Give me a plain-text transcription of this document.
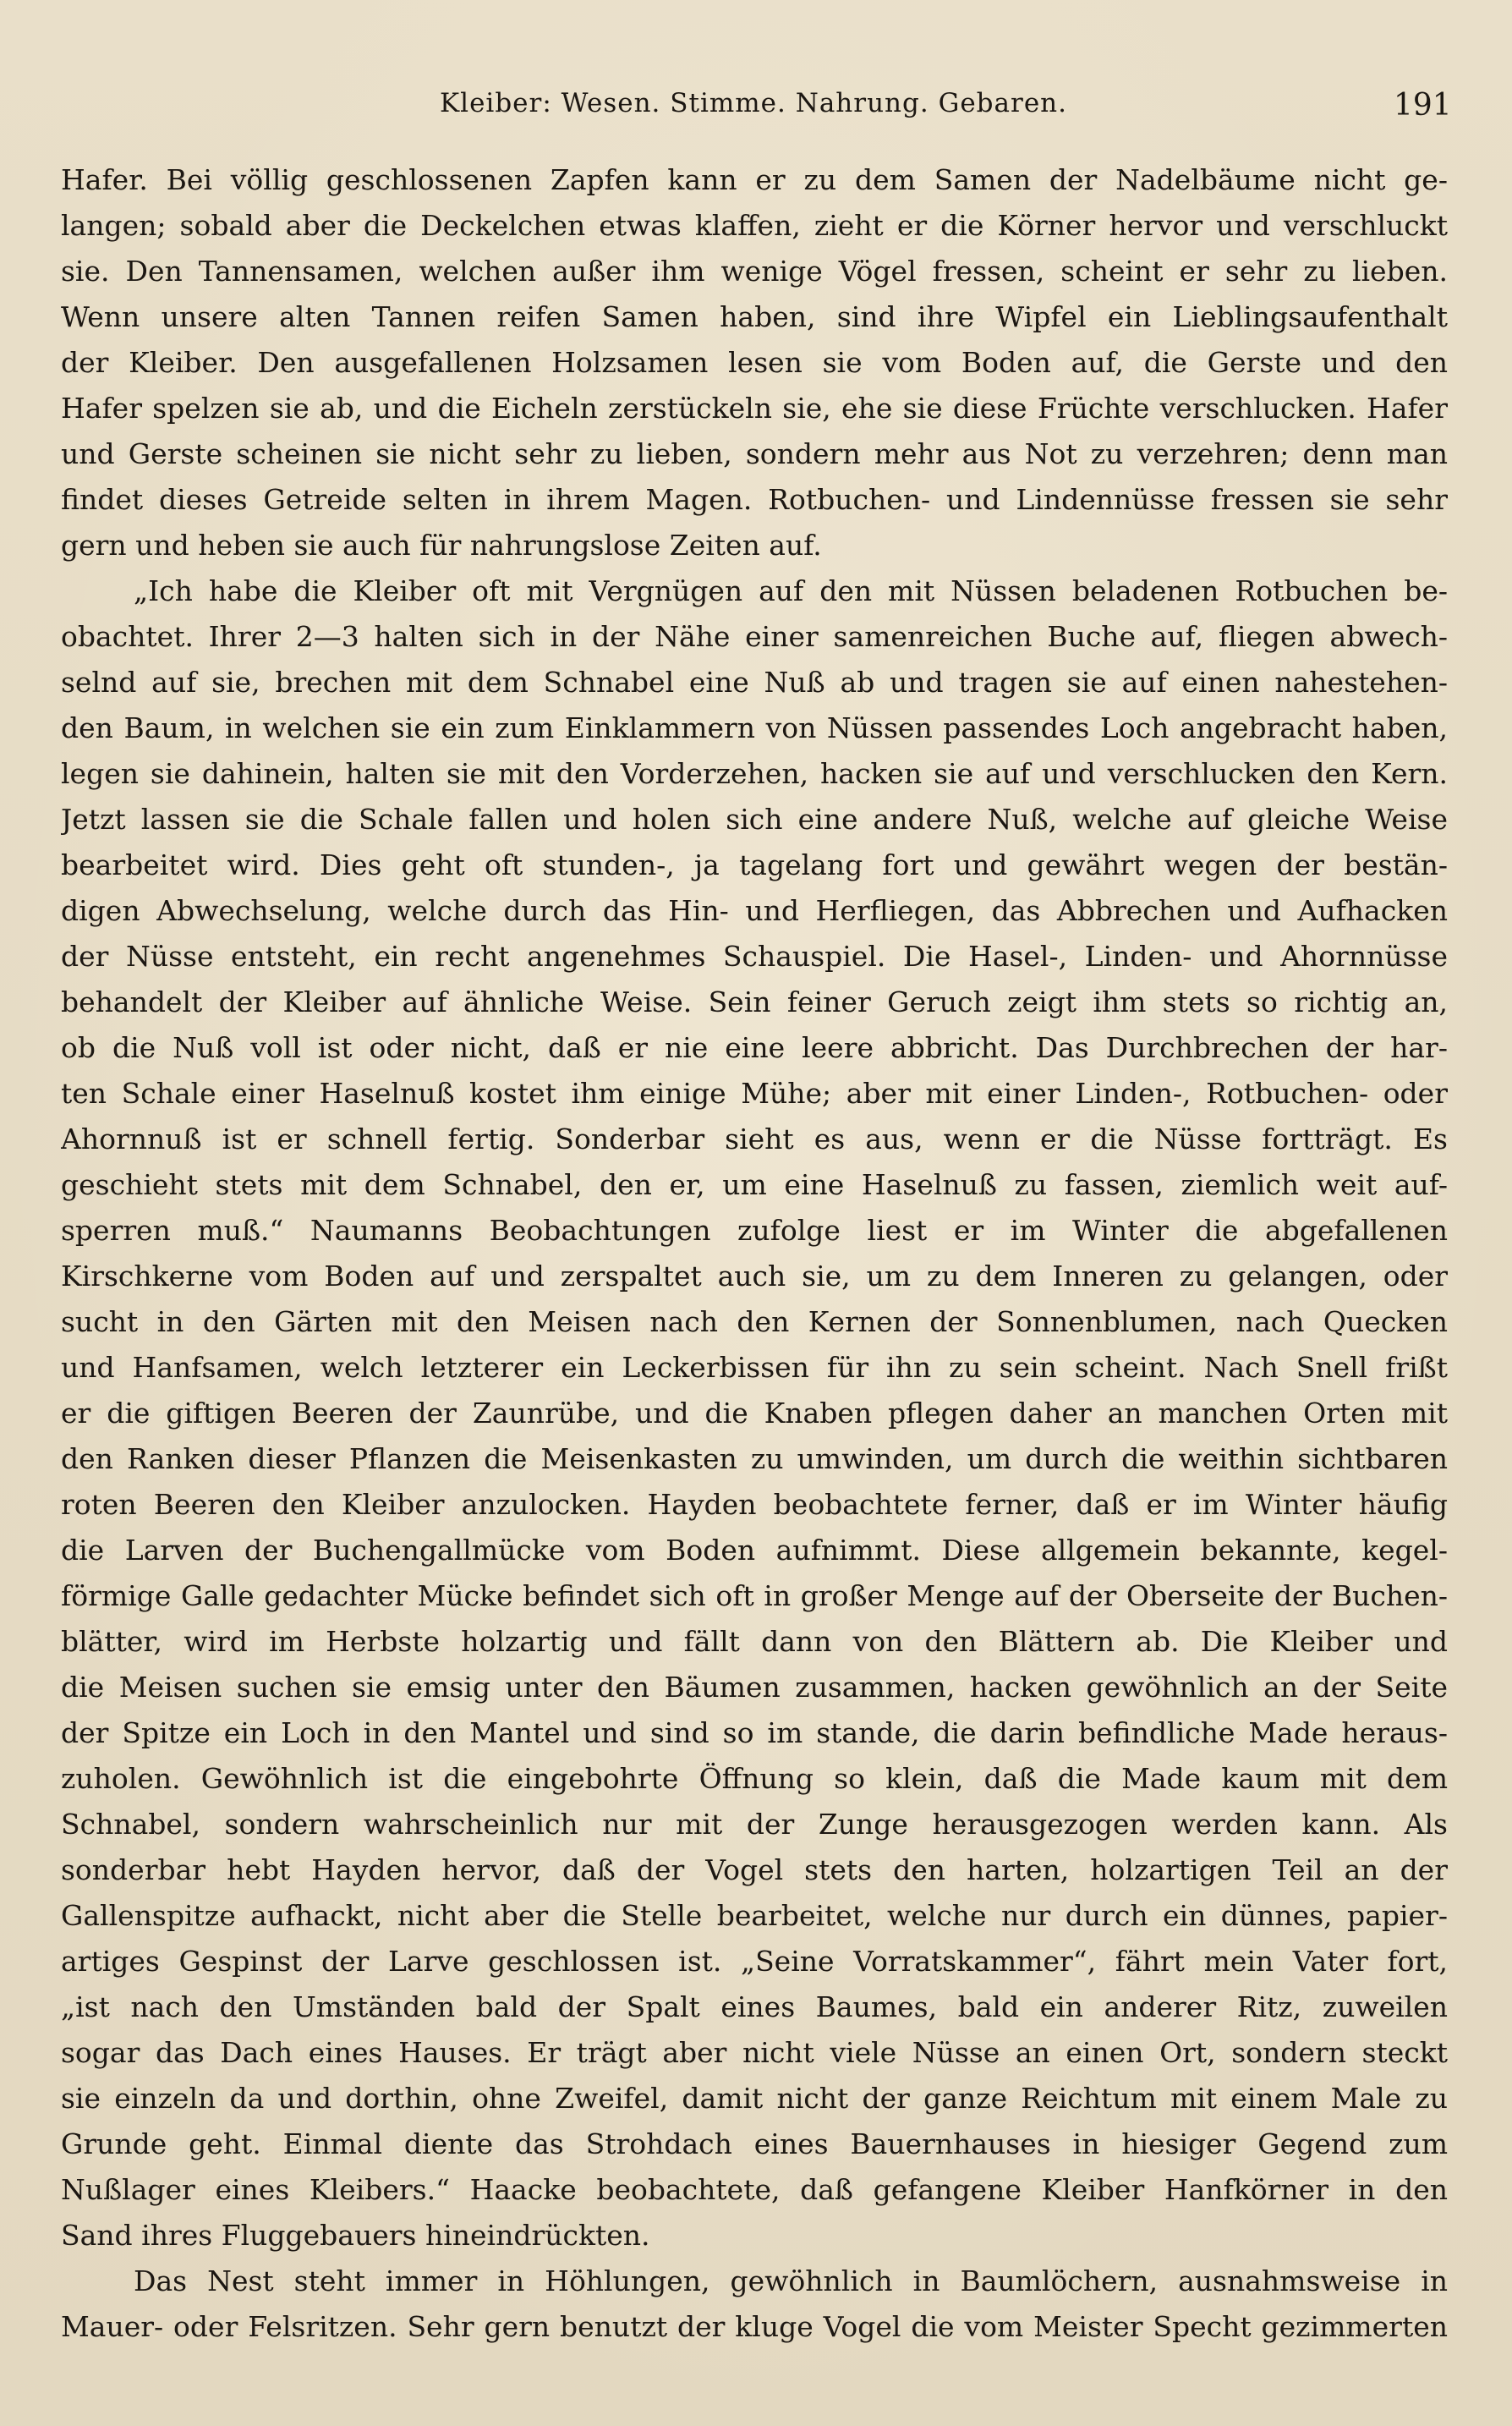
Kleiber: Wesen. Stimme. Nahrung. Gebaren.	191
Hafer. Bei völlig geschlossenen Zapfen kann er zu dem Samen der Nadelbäume nicht ge-
langen; sobald aber die Deckelchen etwas klaffen, zieht er die Körner hervor und verschluckt
sie. Den Tannensamen, welchen außer ihm wenige Vögel fressen, scheint er sehr zu lieben.
Wenn unsere alten Tannen reifen Samen haben, sind ihre Wipfel ein Lieblingsaufenthalt
der Kleiber. Den ausgefallenen Holzsamen lesen sie vom Boden auf, die Gerste und den
Hafer spelzen sie ab, und die Eicheln zerstückeln sie, ehe sie diese Früchte verschlucken. Hafer
und Gerste scheinen sie nicht sehr zu lieben, sondern mehr aus Not zu verzehren; denn man
findet dieses Getreide selten in ihrem Magen. Rotbuchen- und Lindennüsse fressen sie sehr
gern und heben sie auch für nahrungslose Zeiten auf.
„Ich habe die Kleiber oft mit Vergnügen auf den mit Nüssen beladenen Rotbuchen be-
obachtet. Ihrer 2—3 halten sich in der Nähe einer samenreichen Buche auf, fliegen abwech-
selnd auf sie, brechen mit dem Schnabel eine Nuß ab und tragen sie auf einen nahestehen-
den Baum, in welchen sie ein zum Einklammern von Nüssen passendes Loch angebracht haben,
legen sie dahinein, halten sie mit den Vorderzehen, hacken sie auf und verschlucken den Kern.
Jetzt lassen sie die Schale fallen und holen sich eine andere Nuß, welche auf gleiche Weise
bearbeitet wird. Dies geht oft stunden-, ja tagelang fort und gewährt wegen der bestän-
digen Abwechselung, welche durch das Hin- und Herfliegen, das Abbrechen und Aufhacken
der Nüsse entsteht, ein recht angenehmes Schauspiel. Die Hasel-, Linden- und Ahornnüsse
behandelt der Kleiber auf ähnliche Weise. Sein feiner Geruch zeigt ihm stets so richtig an,
ob die Nuß voll ist oder nicht, daß er nie eine leere abbricht. Das Durchbrechen der har-
ten Schale einer Haselnuß kostet ihm einige Mühe; aber mit einer Linden-, Rotbuchen- oder
Ahornnuß ist er schnell fertig. Sonderbar sieht es aus, wenn er die Nüsse fortträgt. Es
geschieht stets mit dem Schnabel, den er, um eine Haselnuß zu fassen, ziemlich weit auf-
sperren muß.“ Naumanns Beobachtungen zufolge liest er im Winter die abgefallenen
Kirschkerne vom Boden auf und zerspaltet auch sie, um zu dem Inneren zu gelangen, oder
sucht in den Gärten mit den Meisen nach den Kernen der Sonnenblumen, nach Quecken
und Hanfsamen, welch letzterer ein Leckerbissen für ihn zu sein scheint. Nach Snell frißt
er die giftigen Beeren der Zaunrübe, und die Knaben pflegen daher an manchen Orten mit
den Ranken dieser Pflanzen die Meisenkasten zu umwinden, um durch die weithin sichtbaren
roten Beeren den Kleiber anzulocken. Hayden beobachtete ferner, daß er im Winter häufig
die Larven der Buchengallmücke vom Boden aufnimmt. Diese allgemein bekannte, kegel-
förmige Galle gedachter Mücke befindet sich oft in großer Menge auf der Oberseite der Buchen-
blätter, wird im Herbste holzartig und fällt dann von den Blättern ab. Die Kleiber und
die Meisen suchen sie emsig unter den Bäumen zusammen, hacken gewöhnlich an der Seite
der Spitze ein Loch in den Mantel und sind so im stande, die darin befindliche Made heraus-
zuholen. Gewöhnlich ist die eingebohrte Öffnung so klein, daß die Made kaum mit dem
Schnabel, sondern wahrscheinlich nur mit der Zunge herausgezogen werden kann. Als
sonderbar hebt Hayden hervor, daß der Vogel stets den harten, holzartigen Teil an der
Gallenspitze aufhackt, nicht aber die Stelle bearbeitet, welche nur durch ein dünnes, papier-
artiges Gespinst der Larve geschlossen ist. „Seine Vorratskammer“, fährt mein Vater fort,
„ist nach den Umständen bald der Spalt eines Baumes, bald ein anderer Ritz, zuweilen
sogar das Dach eines Hauses. Er trägt aber nicht viele Nüsse an einen Ort, sondern steckt
sie einzeln da und dorthin, ohne Zweifel, damit nicht der ganze Reichtum mit einem Male zu
Grunde geht. Einmal diente das Strohdach eines Bauernhauses in hiesiger Gegend zum
Nußlager eines Kleibers.“ Haacke beobachtete, daß gefangene Kleiber Hanfkörner in den
Sand ihres Fluggebauers hineindrückten.
Das Nest steht immer in Höhlungen, gewöhnlich in Baumlöchern, ausnahmsweise in
Mauer- oder Felsritzen. Sehr gern benutzt der kluge Vogel die vom Meister Specht gezimmerten
